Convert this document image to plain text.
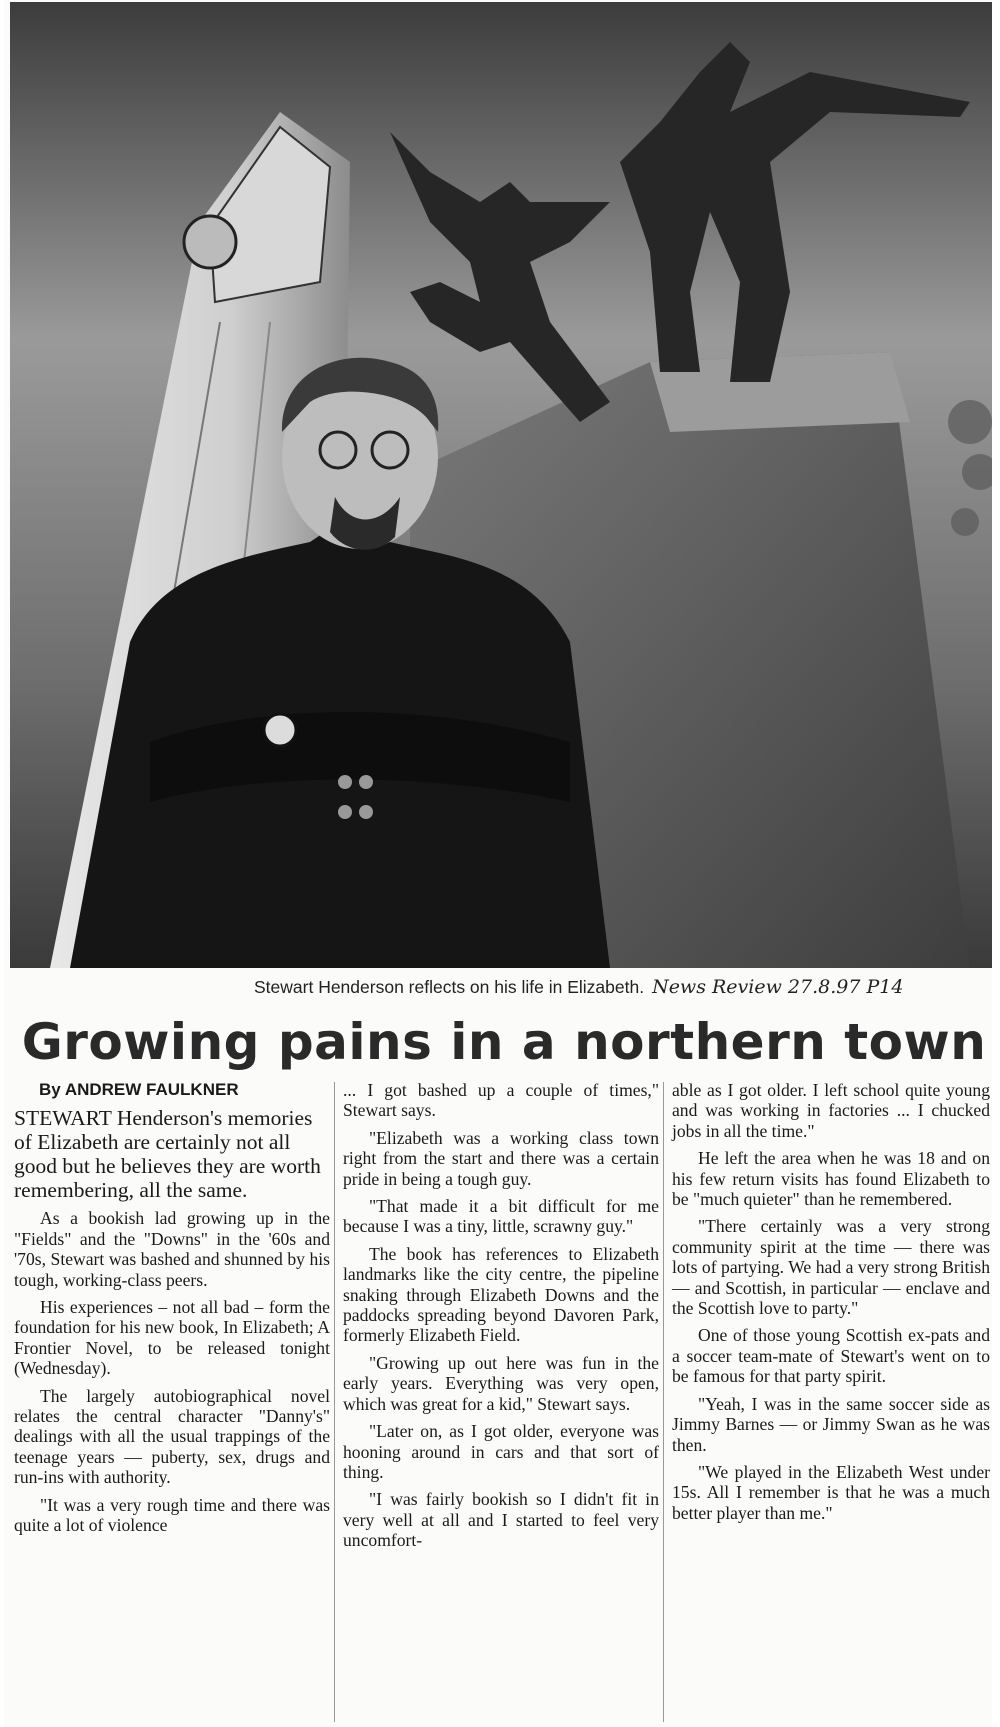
Stewart Henderson reflects on his life in Elizabeth. News Review 27.8.97 P14
Growing pains in a northern town
By ANDREW FAULKNER

STEWART Henderson's memories of Elizabeth are certainly not all good but he believes they are worth remembering, all the same.

As a bookish lad growing up in the "Fields" and the "Downs" in the '60s and '70s, Stewart was bashed and shunned by his tough, working-class peers.

His experiences – not all bad – form the foundation for his new book, In Elizabeth; A Frontier Novel, to be released tonight (Wednesday).

The largely autobiographical novel relates the central character "Danny's" dealings with all the usual trappings of the teenage years — puberty, sex, drugs and run-ins with authority.

"It was a very rough time and there was quite a lot of violence

... I got bashed up a couple of times," Stewart says.

"Elizabeth was a working class town right from the start and there was a certain pride in being a tough guy.

"That made it a bit difficult for me because I was a tiny, little, scrawny guy."

The book has references to Elizabeth landmarks like the city centre, the pipeline snaking through Elizabeth Downs and the paddocks spreading beyond Davoren Park, formerly Elizabeth Field.

"Growing up out here was fun in the early years. Everything was very open, which was great for a kid," Stewart says.

"Later on, as I got older, everyone was hooning around in cars and that sort of thing.

"I was fairly bookish so I didn't fit in very well at all and I started to feel very uncomfort-

able as I got older. I left school quite young and was working in factories ... I chucked jobs in all the time."

He left the area when he was 18 and on his few return visits has found Elizabeth to be "much quieter" than he remembered.

"There certainly was a very strong community spirit at the time — there was lots of partying. We had a very strong British — and Scottish, in particular — enclave and the Scottish love to party."

One of those young Scottish ex-pats and a soccer team-mate of Stewart's went on to be famous for that party spirit.

"Yeah, I was in the same soccer side as Jimmy Barnes — or Jimmy Swan as he was then.

"We played in the Elizabeth West under 15s. All I remember is that he was a much better player than me."
